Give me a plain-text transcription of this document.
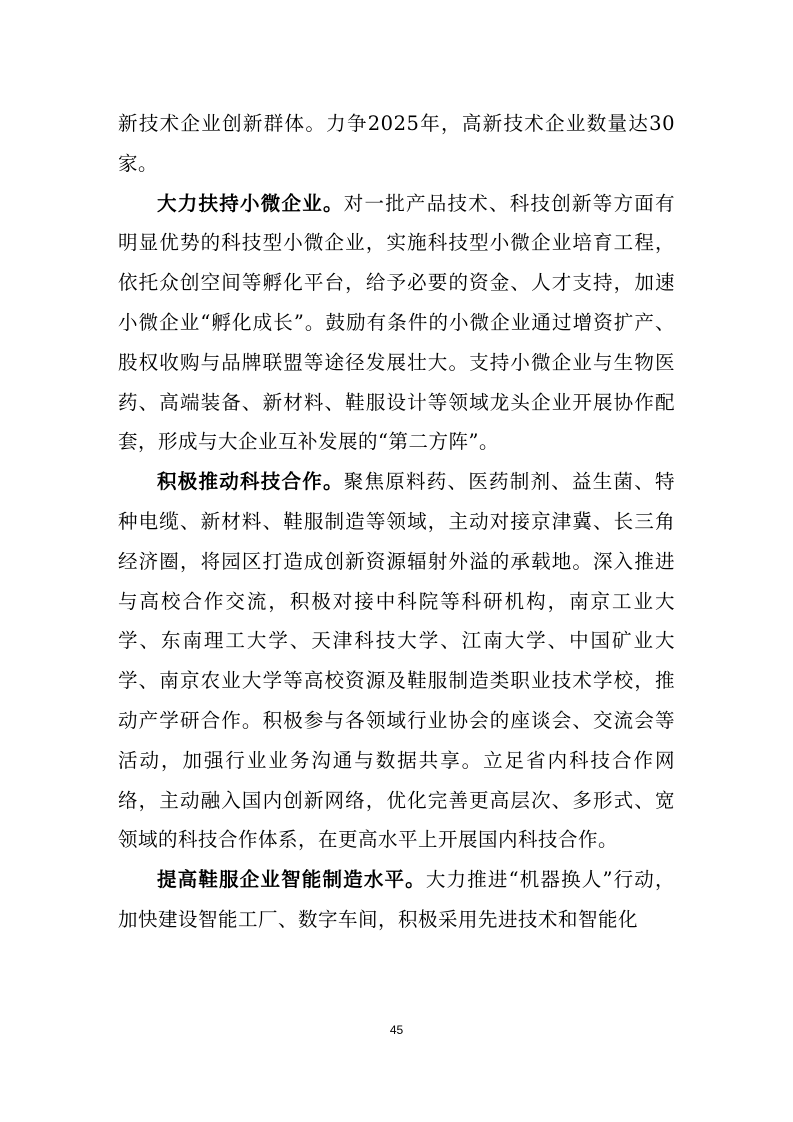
新技术企业创新群体。力争2025年，高新技术企业数量达30家。

大力扶持小微企业。对一批产品技术、科技创新等方面有明显优势的科技型小微企业，实施科技型小微企业培育工程，依托众创空间等孵化平台，给予必要的资金、人才支持，加速小微企业“孵化成长”。鼓励有条件的小微企业通过增资扩产、股权收购与品牌联盟等途径发展壮大。支持小微企业与生物医药、高端装备、新材料、鞋服设计等领域龙头企业开展协作配套，形成与大企业互补发展的“第二方阵”。

积极推动科技合作。聚焦原料药、医药制剂、益生菌、特种电缆、新材料、鞋服制造等领域，主动对接京津冀、长三角经济圈，将园区打造成创新资源辐射外溢的承载地。深入推进与高校合作交流，积极对接中科院等科研机构，南京工业大学、东南理工大学、天津科技大学、江南大学、中国矿业大学、南京农业大学等高校资源及鞋服制造类职业技术学校，推动产学研合作。积极参与各领域行业协会的座谈会、交流会等活动，加强行业业务沟通与数据共享。立足省内科技合作网络，主动融入国内创新网络，优化完善更高层次、多形式、宽领域的科技合作体系，在更高水平上开展国内科技合作。

提高鞋服企业智能制造水平。大力推进“机器换人”行动，加快建设智能工厂、数字车间，积极采用先进技术和智能化

45
